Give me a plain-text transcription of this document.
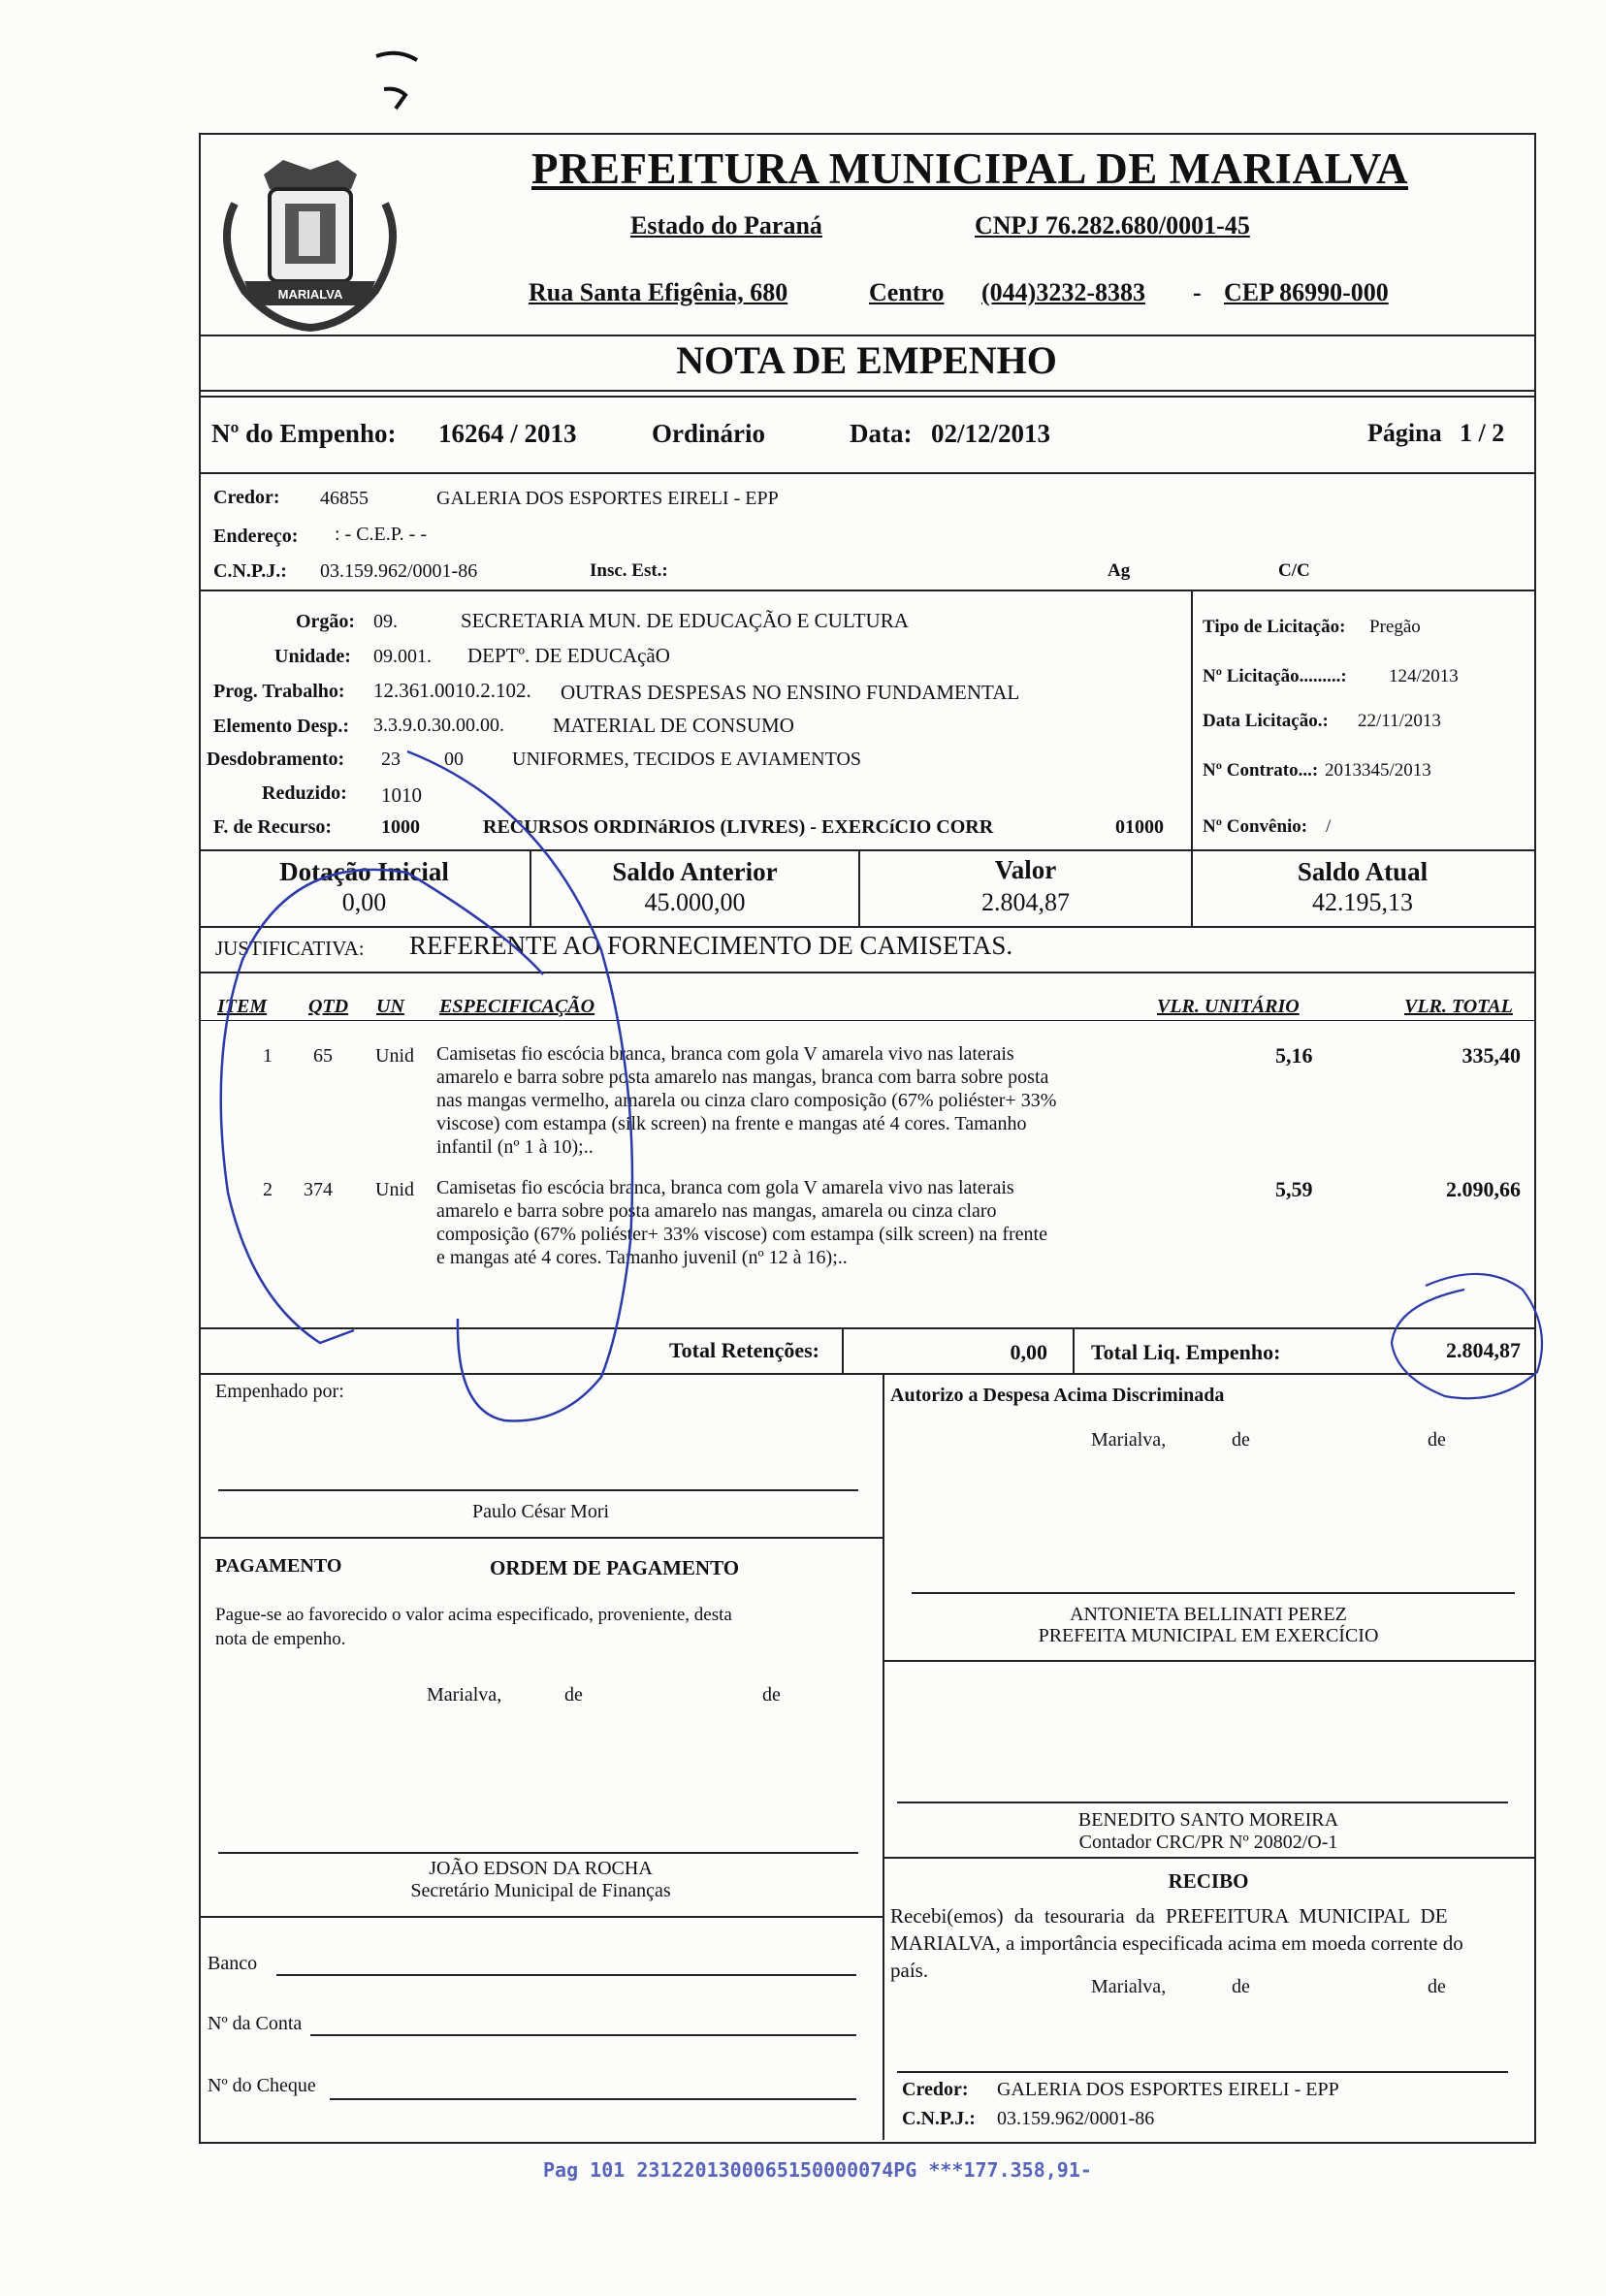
MARIALVA
PREFEITURA MUNICIPAL DE MARIALVA
Estado do Paraná	CNPJ 76.282.680/0001-45
Rua Santa Efigênia, 680	Centro (044)3232-8383 - CEP 86990-000
NOTA DE EMPENHO
Nº do Empenho: 16264 / 2013	Ordinário	Data: 02/12/2013	Página 1 / 2
Credor: 46855	GALERIA DOS ESPORTES EIRELI - EPP
Endereço: : - C.E.P. - -
C.N.P.J.: 03.159.962/0001-86	Insc. Est.:	Ag	C/C
Orgão: 09.	SECRETARIA MUN. DE EDUCAÇÃO E CULTURA
Unidade: 09.001. DEPTº. DE EDUCAçãO
Prog. Trabalho: 12.361.0010.2.102. OUTRAS DESPESAS NO ENSINO FUNDAMENTAL
Elemento Desp.: 3.3.9.0.30.00.00. MATERIAL DE CONSUMO
Desdobramento: 23 00	UNIFORMES, TECIDOS E AVIAMENTOS
Reduzido: 1010
F. de Recurso:	1000	RECURSOS ORDINáRIOS (LIVRES) - EXERCíCIO CORR	01000
Tipo de Licitação: Pregão
Nº Licitação.........: 124/2013
Data Licitação.: 22/11/2013
Nº Contrato...: 2013345/2013
Nº Convênio: /
Dotação Inicial
0,00
Saldo Anterior
45.000,00
Valor
2.804,87
Saldo Atual
42.195,13
JUSTIFICATIVA: REFERENTE AO FORNECIMENTO DE CAMISETAS.
ITEM QTD UN ESPECIFICAÇÃO	VLR. UNITÁRIO	VLR. TOTAL
1 65 Unid Camisetas fio escócia branca, branca com gola V amarela vivo nas laterais
amarelo e barra sobre posta amarelo nas mangas, branca com barra sobre posta
nas mangas vermelho, amarela ou cinza claro composição (67% poliéster+ 33%
viscose) com estampa (silk screen) na frente e mangas até 4 cores. Tamanho
infantil (nº 1 à 10);..
5,16	335,40
2 374 Unid Camisetas fio escócia branca, branca com gola V amarela vivo nas laterais
amarelo e barra sobre posta amarelo nas mangas, amarela ou cinza claro
composição (67% poliéster+ 33% viscose) com estampa (silk screen) na frente
e mangas até 4 cores. Tamanho juvenil (nº 12 à 16);..
5,59	2.090,66
Total Retenções:	0,00 Total Liq. Empenho:	2.804,87
Empenhado por:	Autorizo a Despesa Acima Discriminada
Marialva,	de	de
Paulo César Mori
PAGAMENTO	ORDEM DE PAGAMENTO
Pague-se ao favorecido o valor acima especificado, proveniente, desta
nota de empenho.
Marialva,	de	de
ANTONIETA BELLINATI PEREZ
PREFEITA MUNICIPAL EM EXERCÍCIO
BENEDITO SANTO MOREIRA
Contador CRC/PR Nº 20802/O-1
RECIBO
Recebi(emos) da tesouraria da PREFEITURA MUNICIPAL DE
MARIALVA, a importância especificada acima em moeda corrente do
país.
Marialva,	de	de
JOÃO EDSON DA ROCHA
Secretário Municipal de Finanças
Banco
Nº da Conta
Nº do Cheque	Credor: GALERIA DOS ESPORTES EIRELI - EPP
C.N.P.J.: 03.159.962/0001-86
Pag 101 2312201300065150000074PG ***177.358,91-
